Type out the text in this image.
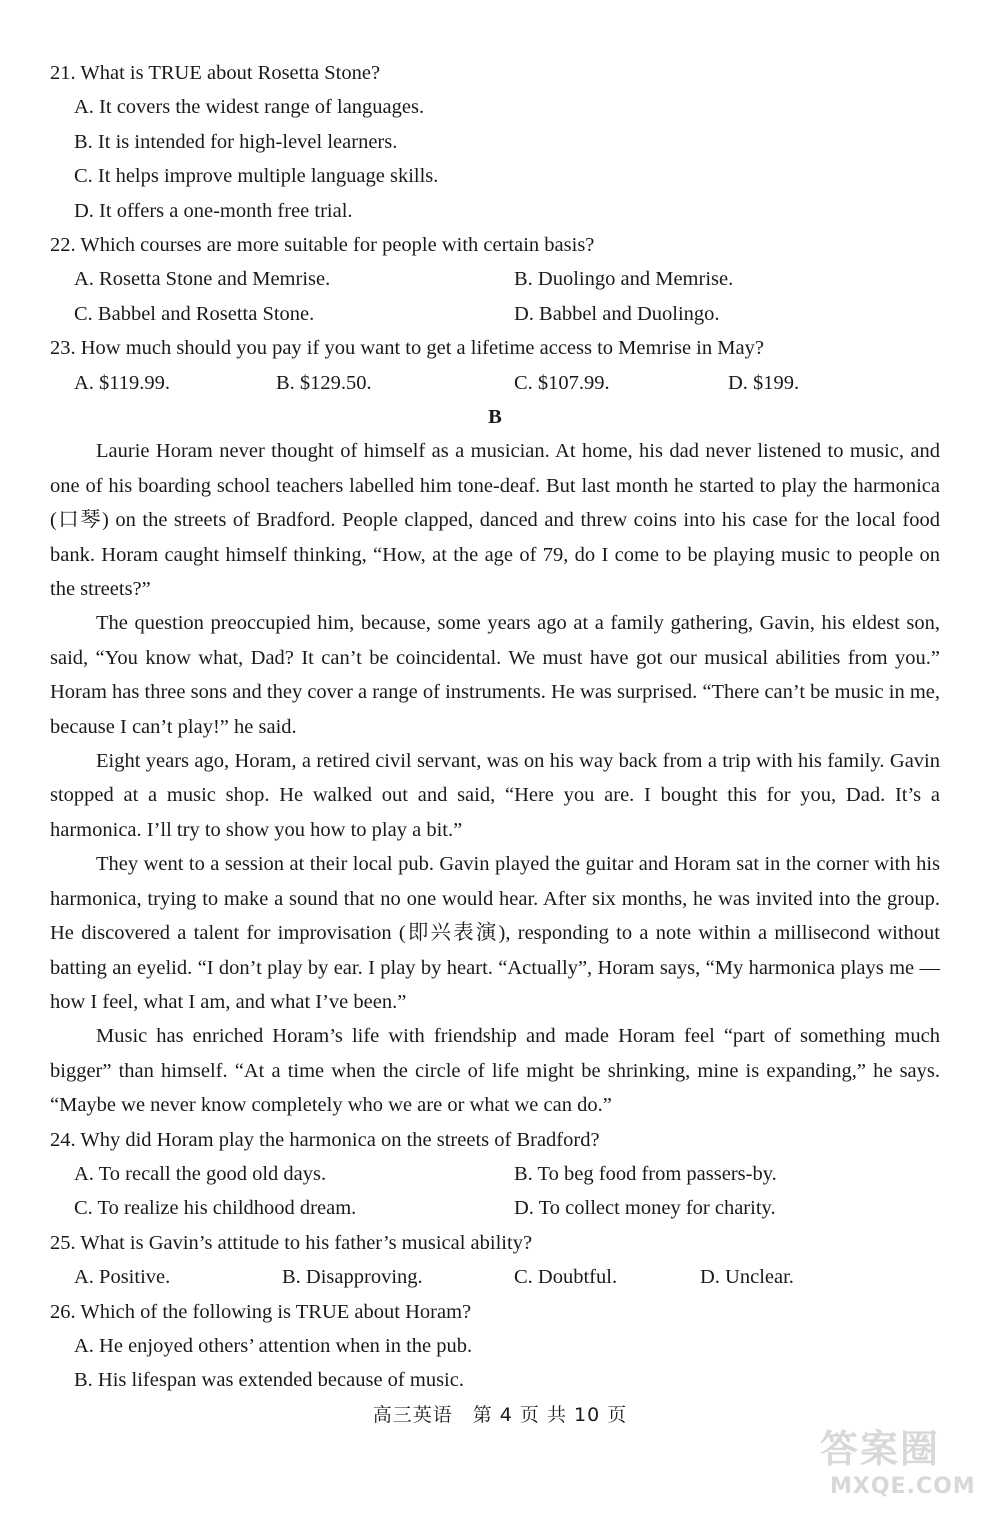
21. What is TRUE about Rosetta Stone?
A. It covers the widest range of languages.
B. It is intended for high-level learners.
C. It helps improve multiple language skills.
D. It offers a one-month free trial.
22. Which courses are more suitable for people with certain basis?
A. Rosetta Stone and Memrise.	B. Duolingo and Memrise.
C. Babbel and Rosetta Stone.	D. Babbel and Duolingo.
23. How much should you pay if you want to get a lifetime access to Memrise in May?
A. $119.99.	B. $129.50.	C. $107.99.	D. $199.
B
Laurie Horam never thought of himself as a musician. At home, his dad never listened to music, and one of his boarding school teachers labelled him tone-deaf. But last month he started to play the harmonica (口琴) on the streets of Bradford. People clapped, danced and threw coins into his case for the local food bank. Horam caught himself thinking, “How, at the age of 79, do I come to be playing music to people on the streets?”
The question preoccupied him, because, some years ago at a family gathering, Gavin, his eldest son, said, “You know what, Dad? It can’t be coincidental. We must have got our musical abilities from you.” Horam has three sons and they cover a range of instruments. He was surprised. “There can’t be music in me, because I can’t play!” he said.
Eight years ago, Horam, a retired civil servant, was on his way back from a trip with his family. Gavin stopped at a music shop. He walked out and said, “Here you are. I bought this for you, Dad. It’s a harmonica. I’ll try to show you how to play a bit.”
They went to a session at their local pub. Gavin played the guitar and Horam sat in the corner with his harmonica, trying to make a sound that no one would hear. After six months, he was invited into the group. He discovered a talent for improvisation (即兴表演), responding to a note within a millisecond without batting an eyelid. “I don’t play by ear. I play by heart. “Actually”, Horam says, “My harmonica plays me — how I feel, what I am, and what I’ve been.”
Music has enriched Horam’s life with friendship and made Horam feel “part of something much bigger” than himself. “At a time when the circle of life might be shrinking, mine is expanding,” he says. “Maybe we never know completely who we are or what we can do.”
24. Why did Horam play the harmonica on the streets of Bradford?
A. To recall the good old days.	B. To beg food from passers-by.
C. To realize his childhood dream.	D. To collect money for charity.
25. What is Gavin’s attitude to his father’s musical ability?
A. Positive.	B. Disapproving.	C. Doubtful.	D. Unclear.
26. Which of the following is TRUE about Horam?
A. He enjoyed others’ attention when in the pub.
B. His lifespan was extended because of music.
高三英语　第 4 页 共 10 页
答案圈
MXQE.COM
